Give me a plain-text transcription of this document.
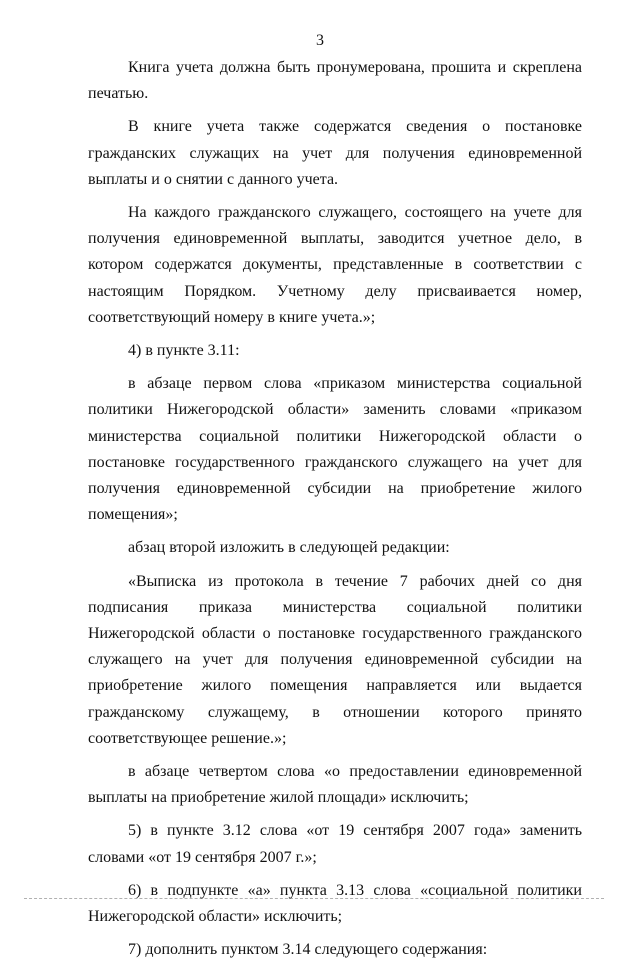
3

Книга учета должна быть пронумерована, прошита и скреплена печатью.

В книге учета также содержатся сведения о постановке гражданских служащих на учет для получения единовременной выплаты и о снятии с данного учета.

На каждого гражданского служащего, состоящего на учете для получения единовременной выплаты, заводится учетное дело, в котором содержатся документы, представленные в соответствии с настоящим Порядком. Учетному делу присваивается номер, соответствующий номеру в книге учета.»;

4) в пункте 3.11:

в абзаце первом слова «приказом министерства социальной политики Нижегородской области» заменить словами «приказом министерства социальной политики Нижегородской области о постановке государственного гражданского служащего на учет для получения единовременной субсидии на приобретение жилого помещения»;

абзац второй изложить в следующей редакции:

«Выписка из протокола в течение 7 рабочих дней со дня подписания приказа министерства социальной политики Нижегородской области о постановке государственного гражданского служащего на учет для получения единовременной субсидии на приобретение жилого помещения направляется или выдается гражданскому служащему, в отношении которого принято соответствующее решение.»;

в абзаце четвертом слова «о предоставлении единовременной выплаты на приобретение жилой площади» исключить;

5) в пункте 3.12 слова «от 19 сентября 2007 года» заменить словами «от 19 сентября 2007 г.»;

6) в подпункте «а» пункта 3.13 слова «социальной политики Нижегородской области» исключить;

7) дополнить пунктом 3.14 следующего содержания:
